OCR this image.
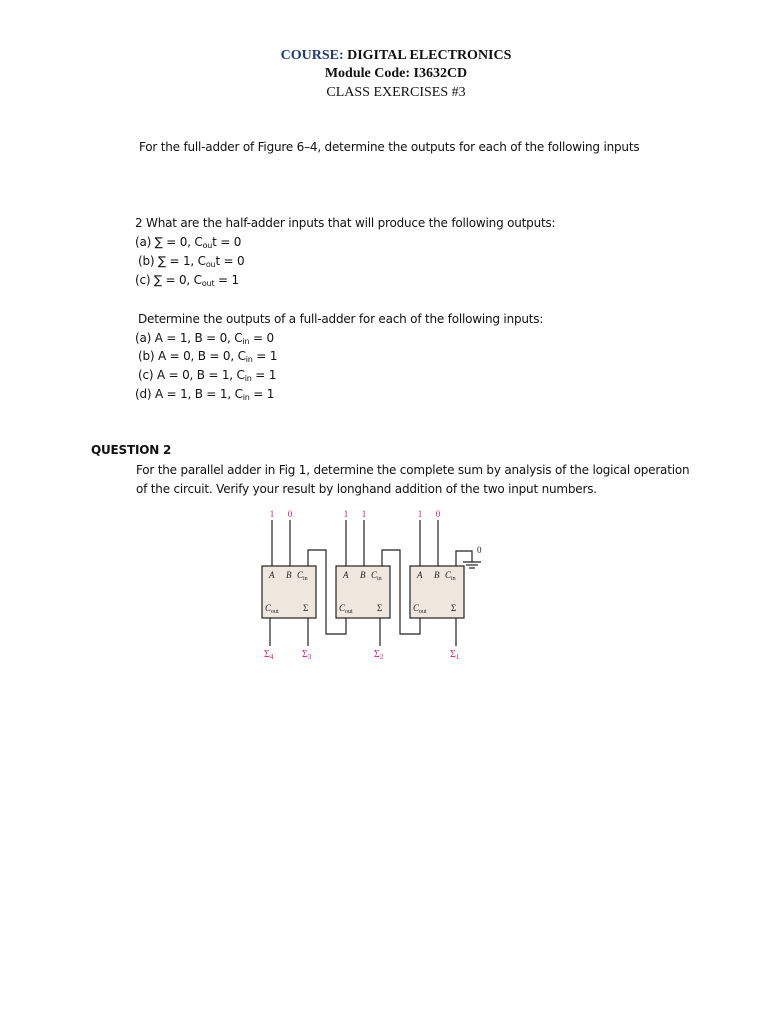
COURSE: DIGITAL ELECTRONICS
Module Code: I3632CD
CLASS EXERCISES #3
For the full-adder of Figure 6–4, determine the outputs for each of the following inputs
2 What are the half-adder inputs that will produce the following outputs:
(a) ∑ = 0, $C_{ou}t = 0$
(b) ∑ = 1, $C_{ou}t = 0$
(c) ∑ = 0, $C_{out} = 1$
Determine the outputs of a full-adder for each of the following inputs:
(a) A = 1, B = 0, $C_{in} = 0$
(b) A = 0, B = 0, $C_{in} = 1$
(c) A = 0, B = 1, $C_{in} = 1$
(d) A = 1, B = 1, $C_{in} = 1$
QUESTION 2
For the parallel adder in Fig 1, determine the complete sum by analysis of the logical operation
of the circuit. Verify your result by longhand addition of the two input numbers.
A B $C_{in}$
$C_{out}$	Σ
A B $C_{in}$
$C_{out}$	Σ
A B $C_{in}$
$C_{out}$	Σ
1 0	1 1	1 0
0
$\Sigma_4$	$\Sigma_3$	$\Sigma_2$	$\Sigma_1$
